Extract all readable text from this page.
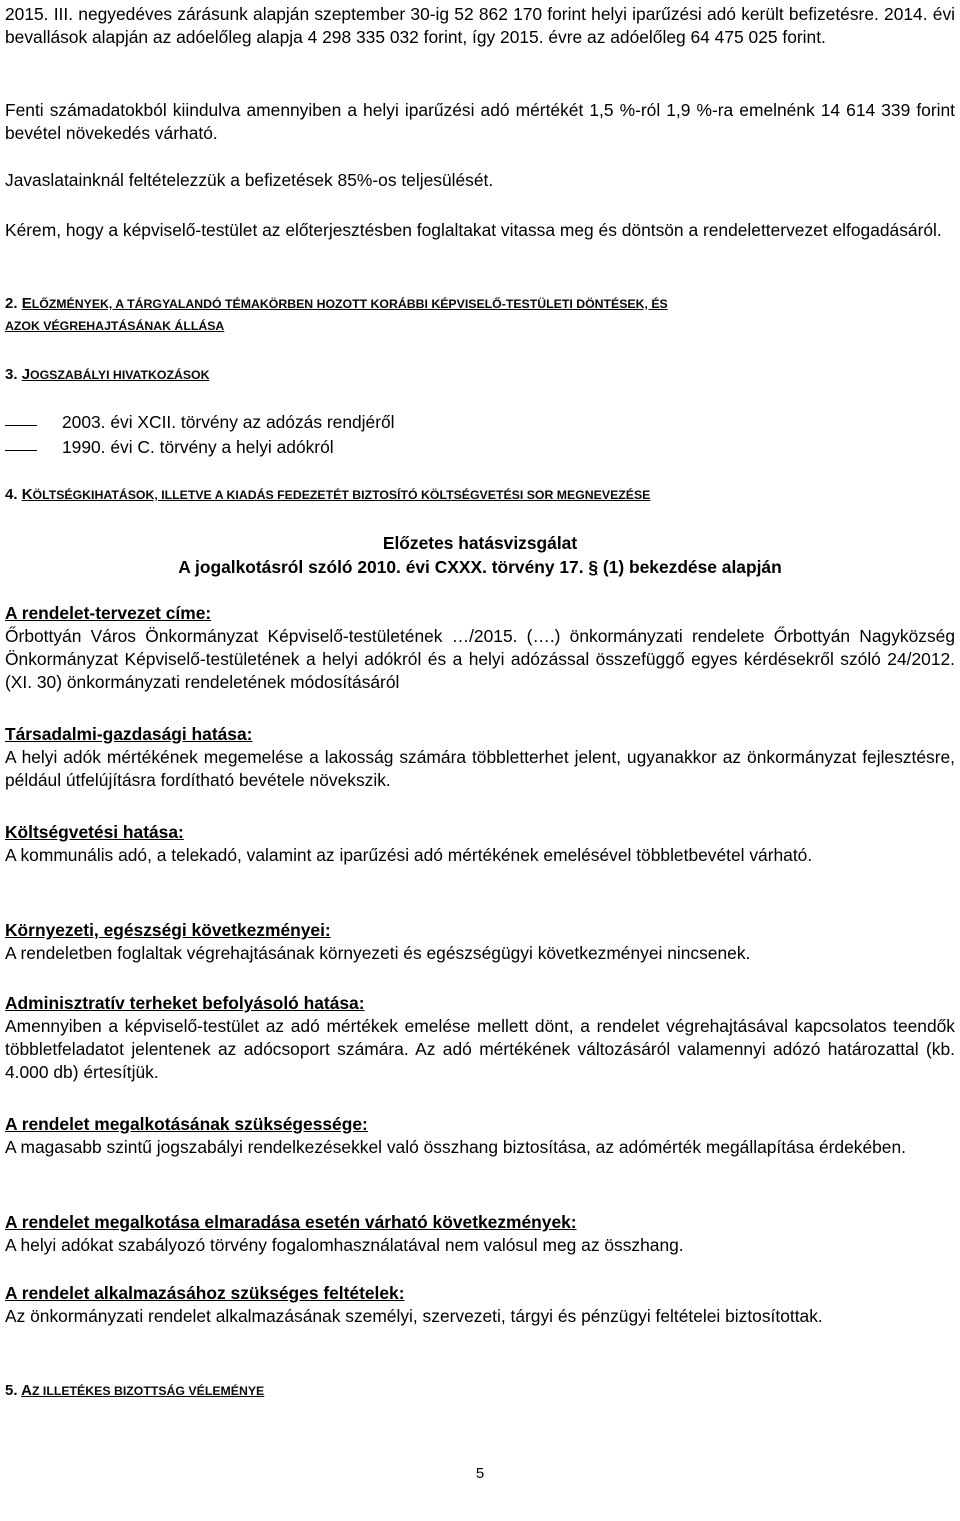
2015. III. negyedéves zárásunk alapján szeptember 30-ig 52 862 170 forint helyi iparűzési adó került befizetésre. 2014. évi bevallások alapján az adóelőleg alapja 4 298 335 032 forint, így 2015. évre az adóelőleg 64 475 025 forint.

Fenti számadatokból kiindulva amennyiben a helyi iparűzési adó mértékét 1,5 %-ról 1,9 %-ra emelnénk 14 614 339 forint bevétel növekedés várható.

Javaslatainknál feltételezzük a befizetések 85%-os teljesülését.

Kérem, hogy a képviselő-testület az előterjesztésben foglaltakat vitassa meg és döntsön a rendelettervezet elfogadásáról.

2. ELŐZMÉNYEK, A TÁRGYALANDÓ TÉMAKÖRBEN HOZOTT KORÁBBI KÉPVISELŐ-TESTÜLETI DÖNTÉSEK, ÉS
AZOK VÉGREHAJTÁSÁNAK ÁLLÁSA
3. JOGSZABÁLYI HIVATKOZÁSOK
2003. évi XCII. törvény az adózás rendjéről
1990. évi C. törvény a helyi adókról
4. KÖLTSÉGKIHATÁSOK, ILLETVE A KIADÁS FEDEZETÉT BIZTOSÍTÓ KÖLTSÉGVETÉSI SOR MEGNEVEZÉSE

Előzetes hatásvizsgálat

A jogalkotásról szóló 2010. évi CXXX. törvény 17. § (1) bekezdése alapján

A rendelet-tervezet címe:
Őrbottyán Város Önkormányzat Képviselő-testületének …/2015. (….) önkormányzati rendelete Őrbottyán Nagyközség Önkormányzat Képviselő-testületének a helyi adókról és a helyi adózással összefüggő egyes kérdésekről szóló 24/2012. (XI. 30) önkormányzati rendeletének módosításáról
Társadalmi-gazdasági hatása:
A helyi adók mértékének megemelése a lakosság számára többletterhet jelent, ugyanakkor az önkormányzat fejlesztésre, például útfelújításra fordítható bevétele növekszik.
Költségvetési hatása:
A kommunális adó, a telekadó, valamint az iparűzési adó mértékének emelésével többletbevétel várható.
Környezeti, egészségi következményei:
A rendeletben foglaltak végrehajtásának környezeti és egészségügyi következményei nincsenek.
Adminisztratív terheket befolyásoló hatása:
Amennyiben a képviselő-testület az adó mértékek emelése mellett dönt, a rendelet végrehajtásával kapcsolatos teendők többletfeladatot jelentenek az adócsoport számára. Az adó mértékének változásáról valamennyi adózó határozattal (kb. 4.000 db) értesítjük.
A rendelet megalkotásának szükségessége:
A magasabb szintű jogszabályi rendelkezésekkel való összhang biztosítása, az adómérték megállapítása érdekében.
A rendelet megalkotása elmaradása esetén várható következmények:
A helyi adókat szabályozó törvény fogalomhasználatával nem valósul meg az összhang.
A rendelet alkalmazásához szükséges feltételek:
Az önkormányzati rendelet alkalmazásának személyi, szervezeti, tárgyi és pénzügyi feltételei biztosítottak.
5. AZ ILLETÉKES BIZOTTSÁG VÉLEMÉNYE
5
